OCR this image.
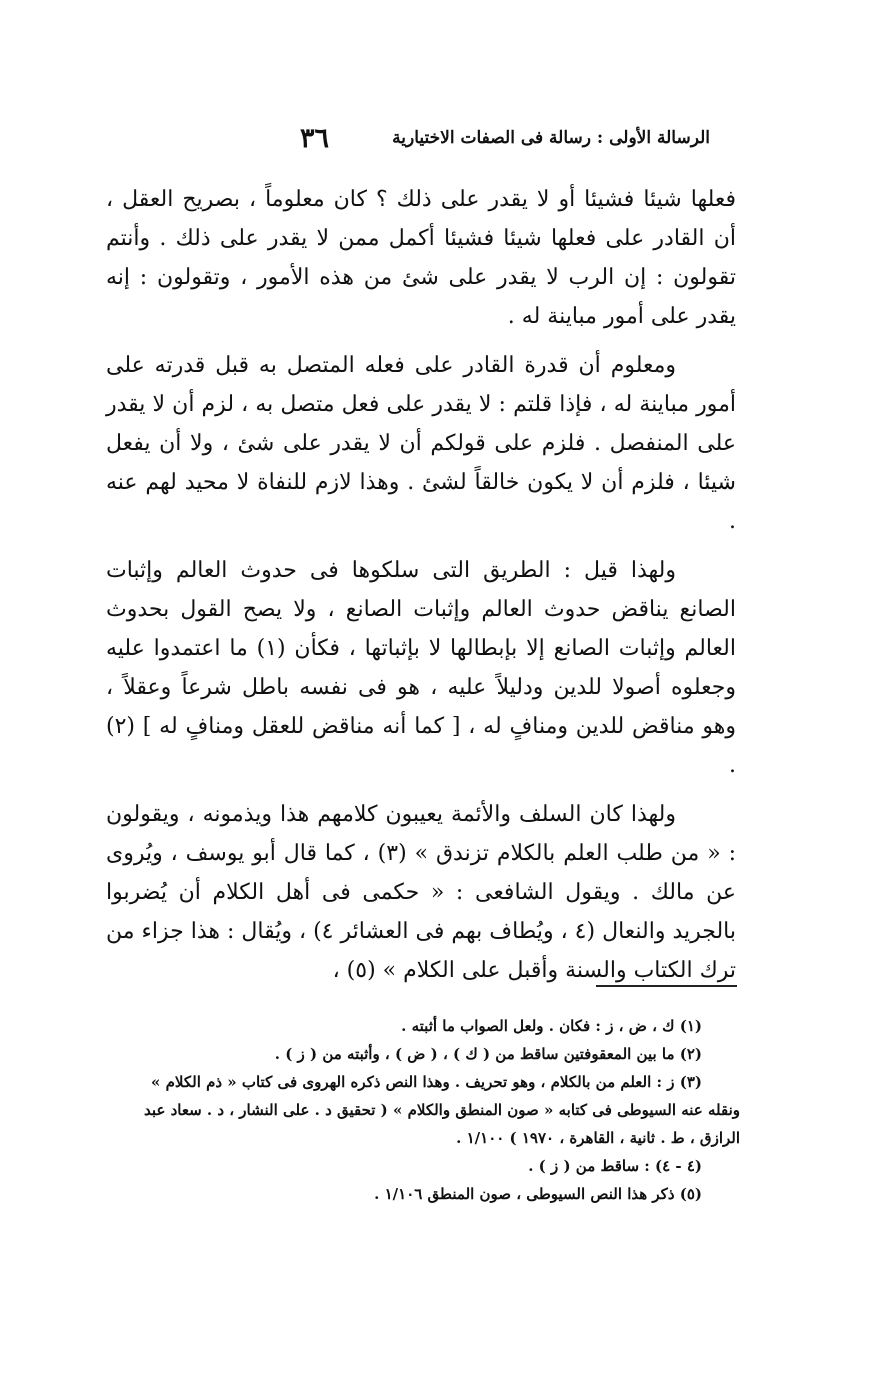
الرسالة الأولى : رسالة فى الصفات الاختيارية
٣٦

فعلها شيئا فشيئا أو لا يقدر على ذلك ؟ كان معلوماً ، بصريح العقل ، أن القادر على فعلها شيئا فشيئا أكمل ممن لا يقدر على ذلك . وأنتم تقولون : إن الرب لا يقدر على شئ من هذه الأمور ، وتقولون : إنه يقدر على أمور مباينة له .

ومعلوم أن قدرة القادر على فعله المتصل به قبل قدرته على أمور مباينة له ، فإذا قلتم : لا يقدر على فعل متصل به ، لزم أن لا يقدر على المنفصل . فلزم على قولكم أن لا يقدر على شئ ، ولا أن يفعل شيئا ، فلزم أن لا يكون خالقاً لشئ . وهذا لازم للنفاة لا محيد لهم عنه .

ولهذا قيل : الطريق التى سلكوها فى حدوث العالم وإثبات الصانع يناقض حدوث العالم وإثبات الصانع ، ولا يصح القول بحدوث العالم وإثبات الصانع إلا بإبطالها لا بإثباتها ، فكأن (١) ما اعتمدوا عليه وجعلوه أصولا للدين ودليلاً عليه ، هو فى نفسه باطل شرعاً وعقلاً ، وهو مناقض للدين ومنافٍ له ، [ كما أنه مناقض للعقل ومنافٍ له ] (٢) .

ولهذا كان السلف والأئمة يعيبون كلامهم هذا ويذمونه ، ويقولون : « من طلب العلم بالكلام تزندق » (٣) ، كما قال أبو يوسف ، ويُروى عن مالك . ويقول الشافعى : « حكمى فى أهل الكلام أن يُضربوا بالجريد والنعال (٤ ، ويُطاف بهم فى العشائر ٤) ، ويُقال : هذا جزاء من ترك الكتاب والسنة وأقبل على الكلام » (٥) ،

(١) ك ، ض ، ز : فكان . ولعل الصواب ما أثبته .
(٢) ما بين المعقوفتين ساقط من ( ك ) ، ( ض ) ، وأثبته من ( ز ) .
(٣) ز : العلم من بالكلام ، وهو تحريف . وهذا النص ذكره الهروى فى كتاب « ذم الكلام »
ونقله عنه السيوطى فى كتابه « صون المنطق والكلام » ( تحقيق د . على النشار ، د . سعاد عبد الرازق ، ط . ثانية ، القاهرة ، ١٩٧٠ ) ١/١٠٠ .
(٤ - ٤) : ساقط من ( ز ) .
(٥) ذكر هذا النص السيوطى ، صون المنطق ١/١٠٦ .
